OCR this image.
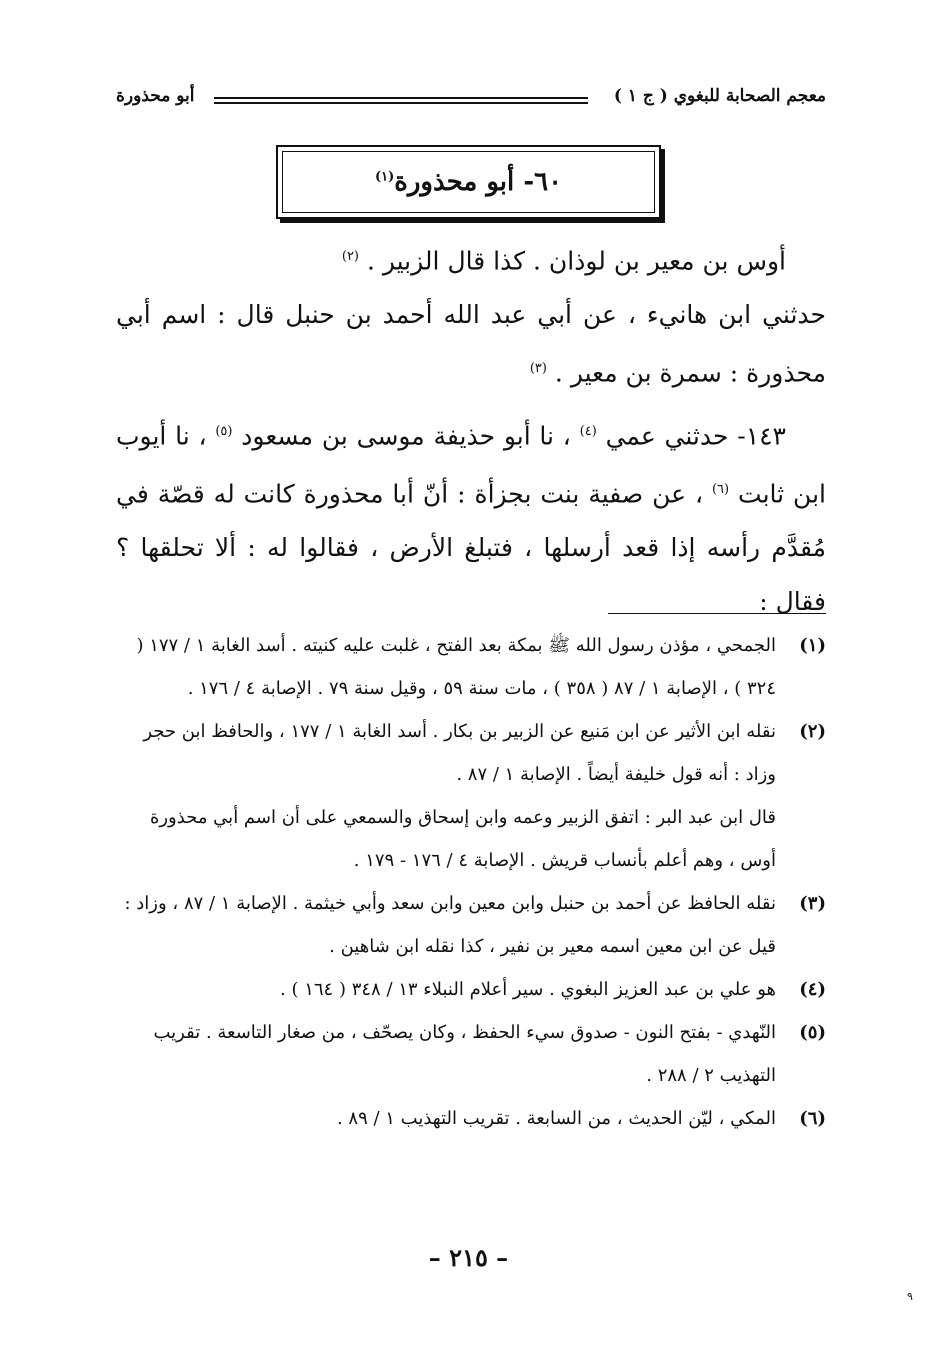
معجم الصحابة للبغوي ( ج ١ )
أبو محذورة
٦٠- أبو محذورة$^{(١)}$

أوس بن معير بن لوذان . كذا قال الزبير . $^{(٢)}$

حدثني ابن هانيء ، عن أبي عبد الله أحمد بن حنبل قال : اسم أبي محذورة : سمرة بن معير . $^{(٣)}$

١٤٣- حدثني عمي $^{(٤)}$ ، نا أبو حذيفة موسى بن مسعود $^{(٥)}$ ، نا أيوب ابن ثابت $^{(٦)}$ ، عن صفية بنت بجزأة : أنّ أبا محذورة كانت له قصّة في مُقدَّم رأسه إذا قعد أرسلها ، فتبلغ الأرض ، فقالوا له : ألا تحلقها ؟ فقال :

(١)
الجمحي ، مؤذن رسول الله ﷺ بمكة بعد الفتح ، غلبت عليه كنيته . أسد الغابة ١ / ١٧٧ ( ٣٢٤ ) ، الإصابة ١ / ٨٧ ( ٣٥٨ ) ، مات سنة ٥٩ ، وقيل سنة ٧٩ . الإصابة ٤ / ١٧٦ .
(٢)
نقله ابن الأثير عن ابن مَنيع عن الزبير بن بكار . أسد الغابة ١ / ١٧٧ ، والحافظ ابن حجر وزاد : أنه قول خليفة أيضاً . الإصابة ١ / ٨٧ .
قال ابن عبد البر : اتفق الزبير وعمه وابن إسحاق والسمعي على أن اسم أبي محذورة أوس ، وهم أعلم بأنساب قريش . الإصابة ٤ / ١٧٦ - ١٧٩ .
(٣)
نقله الحافظ عن أحمد بن حنبل وابن معين وابن سعد وأبي خيثمة . الإصابة ١ / ٨٧ ، وزاد : قيل عن ابن معين اسمه معير بن نفير ، كذا نقله ابن شاهين .
(٤)
هو علي بن عبد العزيز البغوي . سير أعلام النبلاء ١٣ / ٣٤٨ ( ١٦٤ ) .
(٥)
النّهدي - بفتح النون - صدوق سيء الحفظ ، وكان يصحّف ، من صغار التاسعة . تقريب التهذيب ٢ / ٢٨٨ .
(٦)
المكي ، ليّن الحديث ، من السابعة . تقريب التهذيب ١ / ٨٩ .
– ٢١٥ –
٩
